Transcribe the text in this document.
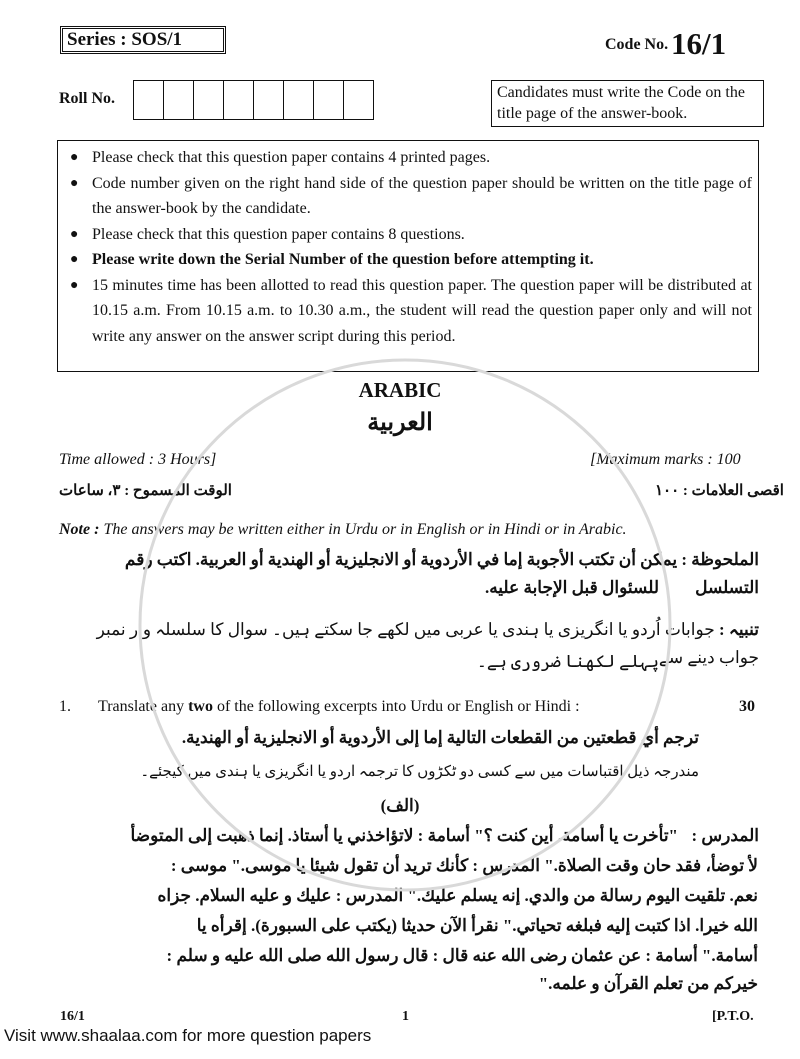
Series : SOS/1	Code No. 16/1
Roll No.	Candidates must write the Code on the title page of the answer-book.
● Please check that this question paper contains 4 printed pages.
● Code number given on the right hand side of the question paper should be written on the title page of the answer-book by the candidate.
● Please check that this question paper contains 8 questions.
● Please write down the Serial Number of the question before attempting it.
● 15 minutes time has been allotted to read this question paper. The question paper will be distributed at 10.15 a.m. From 10.15 a.m. to 10.30 a.m., the student will read the question paper only and will not write any answer on the answer script during this period.
ARABIC
العربية
Time allowed : 3 Hours]	[Maximum marks : 100
الوقت المسموح : ٣، ساعات	اقصى العلامات : ١٠٠
Note : The answers may be written either in Urdu or in English or in Hindi or in Arabic.
الملحوظة : يمكن أن تكتب الأجوبة إما في الأردوية أو الانجليزية أو الهندية أو العربية. اكتب رقم التسلسل
للسئوال قبل الإجابة عليه.
تنبیہ : جوابات اُردو یا انگریزی یا ہندی یا عربی میں لکھے جا سکتے ہیں۔ سوال کا سلسلہ وار نمبر جواب دینے سے
پہلے لکھنا ضروری ہے۔
1. Translate any two of the following excerpts into Urdu or English or Hindi :	30
ترجم أي قطعتين من القطعات التالية إما إلى الأردوية أو الانجليزية أو الهندية.
مندرجہ ذیل اقتباسات میں سے کسی دو ٹکڑوں کا ترجمہ اردو یا انگریزی یا ہندی میں کیجئے۔
(الف)
المدرس :
"تأخرت يا أسامة. أين كنت ؟" أسامة : لاتؤاخذني يا أستاذ. إنما ذهبت إلى المتوضأ
لأ توضأ، فقد حان وقت الصلاة." المدرس : كأنك تريد أن تقول شيئا يا موسى." موسى :
نعم. تلقيت اليوم رسالة من والدي. إنه يسلم عليك." المدرس : عليك و عليه السلام. جزاه
الله خيرا. اذا كتبت إليه فبلغه تحياتي." نقرأ الآن حديثا (يكتب على السبورة). إقرأه يا
أسامة." أسامة : عن عثمان رضى الله عنه قال : قال رسول الله صلى الله عليه و سلم :
خيركم من تعلم القرآن و علمه."
16/1	1	[P.T.O.
Visit www.shaalaa.com for more question papers
